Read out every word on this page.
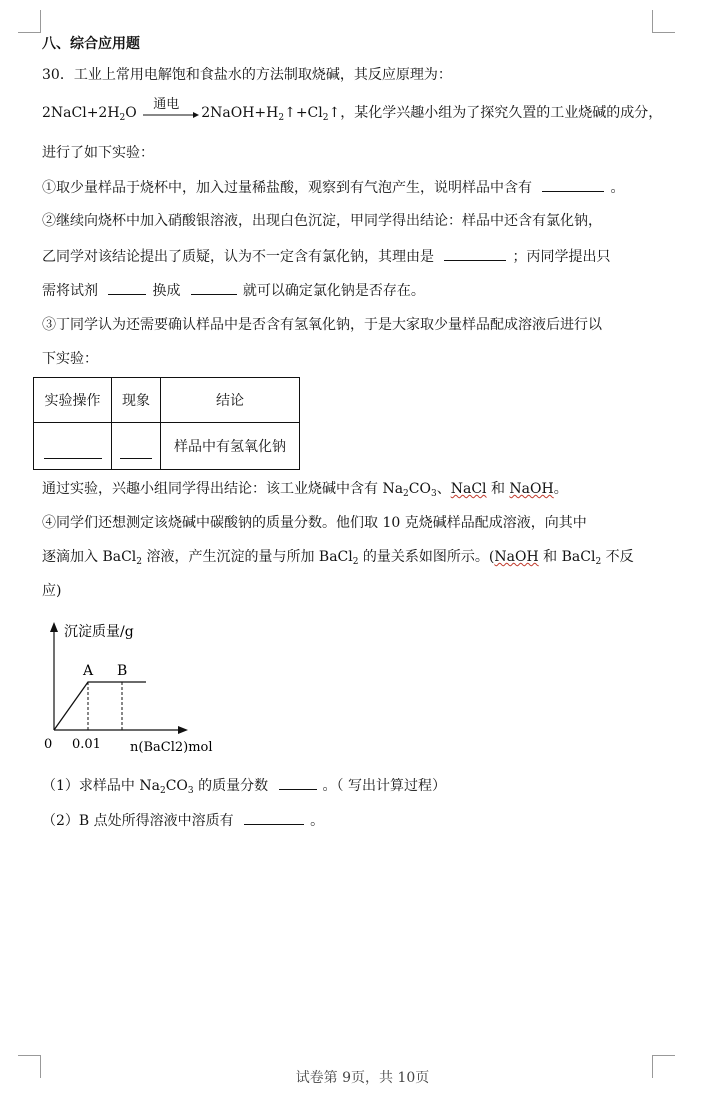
八、综合应用题
30．工业上常用电解饱和食盐水的方法制取烧碱，其反应原理为：
$2NaCl+2H_2O$
通电
$2NaOH+H_2↑+Cl_2↑$，某化学兴趣小组为了探究久置的工业烧碱的成分，
进行了如下实验：
①取少量样品于烧杯中，加入过量稀盐酸，观察到有气泡产生，说明样品中含有	。
②继续向烧杯中加入硝酸银溶液，出现白色沉淀，甲同学得出结论：样品中还含有氯化钠，
乙同学对该结论提出了质疑，认为不一定含有氯化钠，其理由是	；丙同学提出只
需将试剂	换成	就可以确定氯化钠是否存在。
③丁同学认为还需要确认样品中是否含有氢氧化钠，于是大家取少量样品配成溶液后进行以
下实验：
实验操作	现象	结论
		样品中有氢氧化钠
通过实验，兴趣小组同学得出结论：该工业烧碱中含有 $Na_2CO_3$、NaCl 和 NaOH。
④同学们还想测定该烧碱中碳酸钠的质量分数。他们取 10 克烧碱样品配成溶液，向其中
逐滴加入 BaCl$_2$ 溶液，产生沉淀的量与所加 BaCl$_2$ 的量关系如图所示。(NaOH 和 BaCl$_2$ 不反
应)
沉淀质量/g
n(BaCl2)mol
0
A B
0.01
（1）求样品中 $Na_2CO_3$ 的质量分数	。（ 写出计算过程）
（2）B 点处所得溶液中溶质有	。
试卷第 9页，共 10页
